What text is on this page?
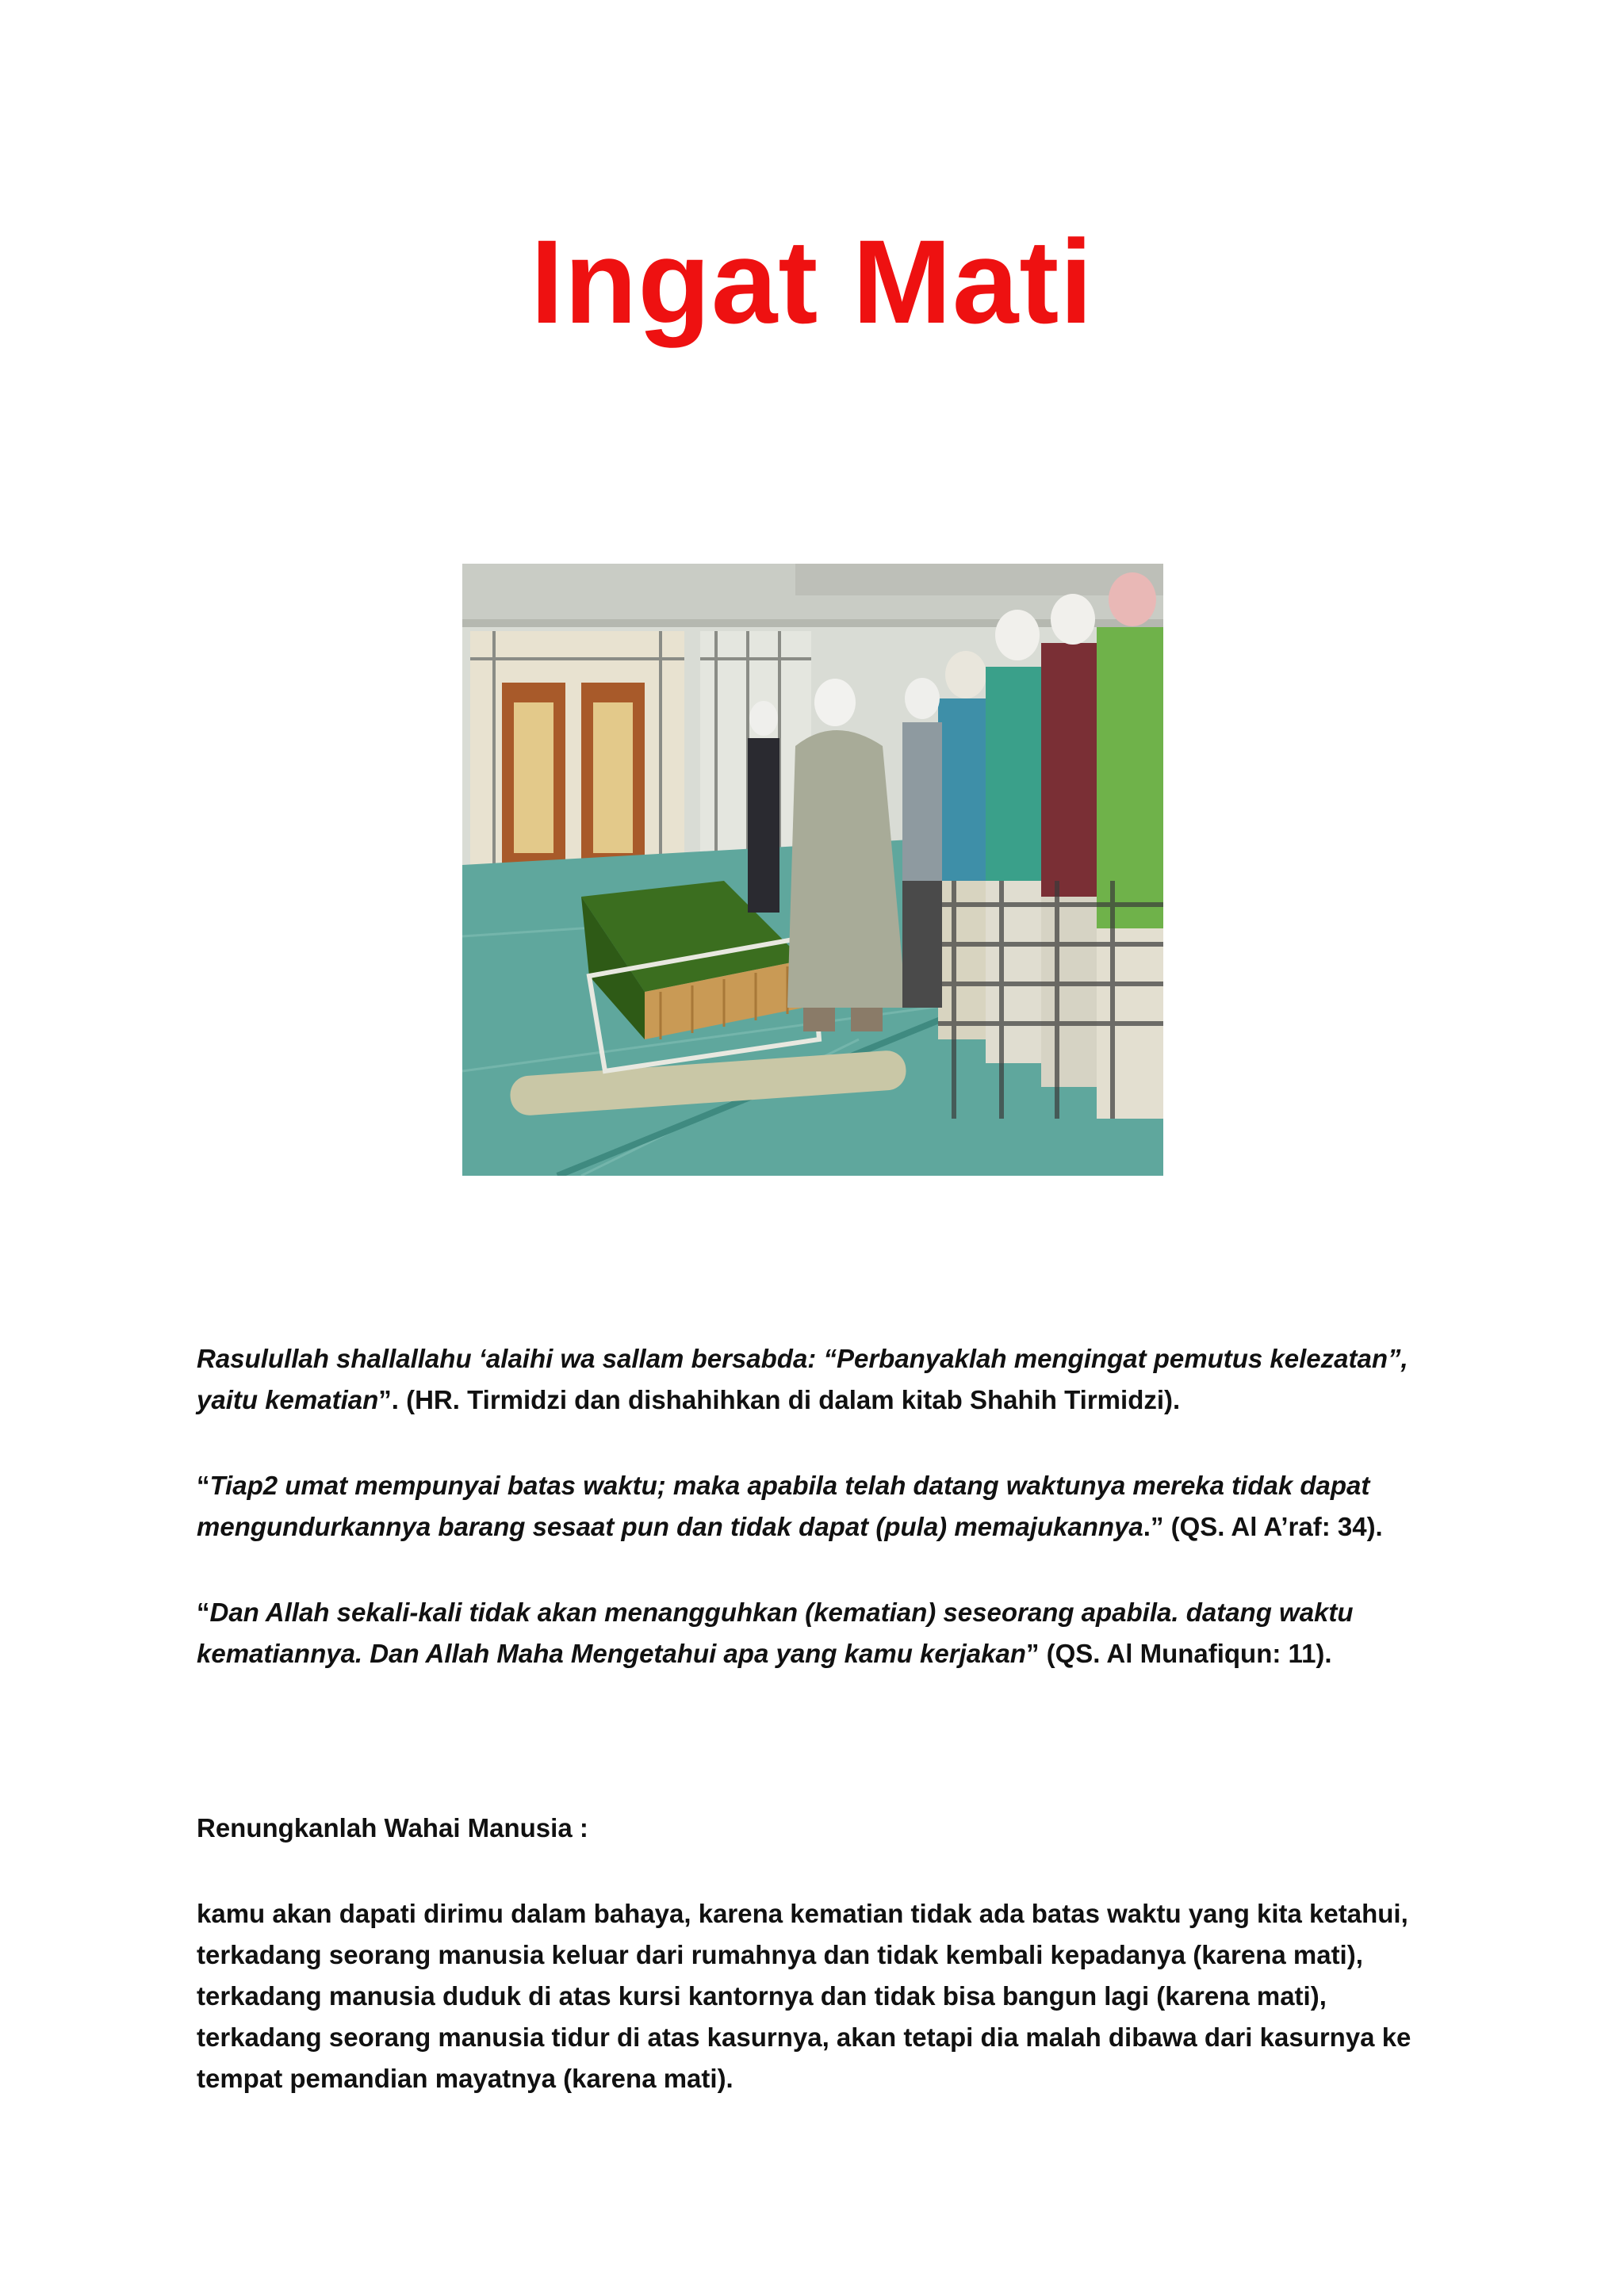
Ingat Mati

Rasulullah shallallahu ‘alaihi wa sallam bersabda: “Perbanyaklah mengingat pemutus kelezatan”, yaitu kematian”. (HR. Tirmidzi dan dishahihkan di dalam kitab Shahih Tirmidzi).

“Tiap2 umat mempunyai batas waktu; maka apabila telah datang waktunya mereka tidak dapat mengundurkannya barang sesaat pun dan tidak dapat (pula) memajukannya.” (QS. Al A’raf: 34).

“Dan Allah sekali-kali tidak akan menangguhkan (kematian) seseorang apabila. datang waktu kematiannya. Dan Allah Maha Mengetahui apa yang kamu kerjakan” (QS. Al Munafiqun: 11).

Renungkanlah Wahai Manusia :

kamu akan dapati dirimu dalam bahaya, karena kematian tidak ada batas waktu yang kita ketahui,

terkadang seorang manusia keluar dari rumahnya dan tidak kembali kepadanya (karena mati),

terkadang manusia duduk di atas kursi kantornya dan tidak bisa bangun lagi (karena mati),

terkadang seorang manusia tidur di atas kasurnya, akan tetapi dia malah dibawa dari kasurnya ke

tempat pemandian mayatnya (karena mati).
